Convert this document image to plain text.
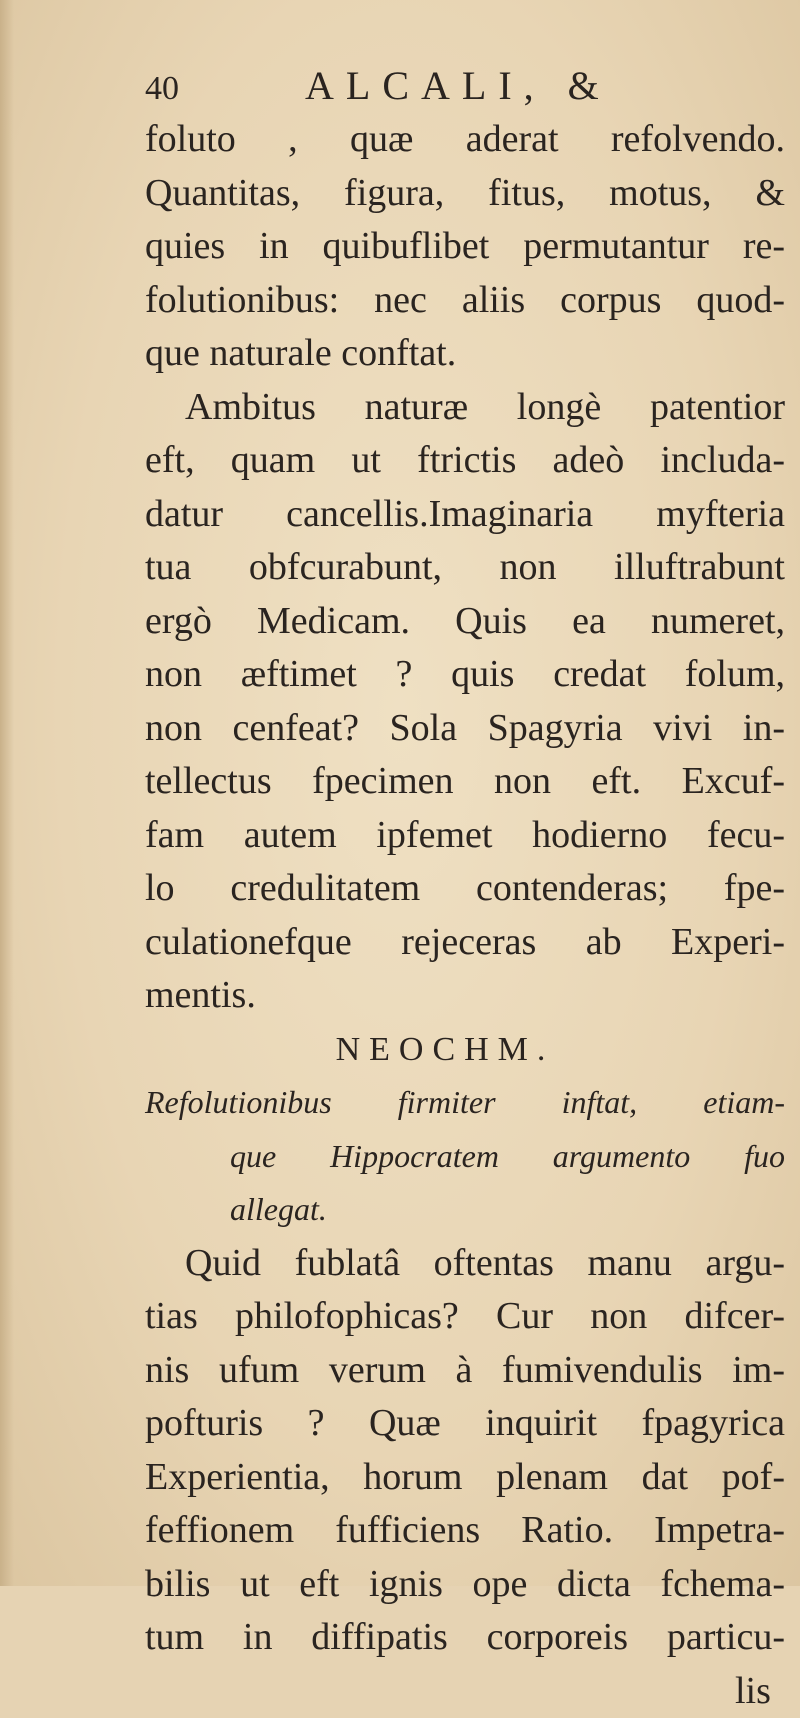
40	ALCALI, &
foluto , quæ aderat refolvendo.
Quantitas, figura, fitus, motus, &
quies in quibuflibet permutantur re-
folutionibus: nec aliis corpus quod-
que naturale conftat.
Ambitus naturæ longè patentior
eft, quam ut ftrictis adeò includa-
datur cancellis.Imaginaria myfteria
tua obfcurabunt, non illuftrabunt
ergò Medicam. Quis ea numeret,
non æftimet ? quis credat folum,
non cenfeat? Sola Spagyria vivi in-
tellectus fpecimen non eft. Excuf-
fam autem ipfemet hodierno fecu-
lo credulitatem contenderas; fpe-
culationefque rejeceras ab Experi-
mentis.
NEOCHM.
Refolutionibus firmiter inftat, etiam-
que Hippocratem argumento fuo
allegat.
Quid fublatâ oftentas manu argu-
tias philofophicas? Cur non difcer-
nis ufum verum à fumivendulis im-
pofturis ? Quæ inquirit fpagyrica
Experientia, horum plenam dat pof-
feffionem fufficiens Ratio. Impetra-
bilis ut eft ignis ope dicta fchema-
tum in diffipatis corporeis particu-
lis
